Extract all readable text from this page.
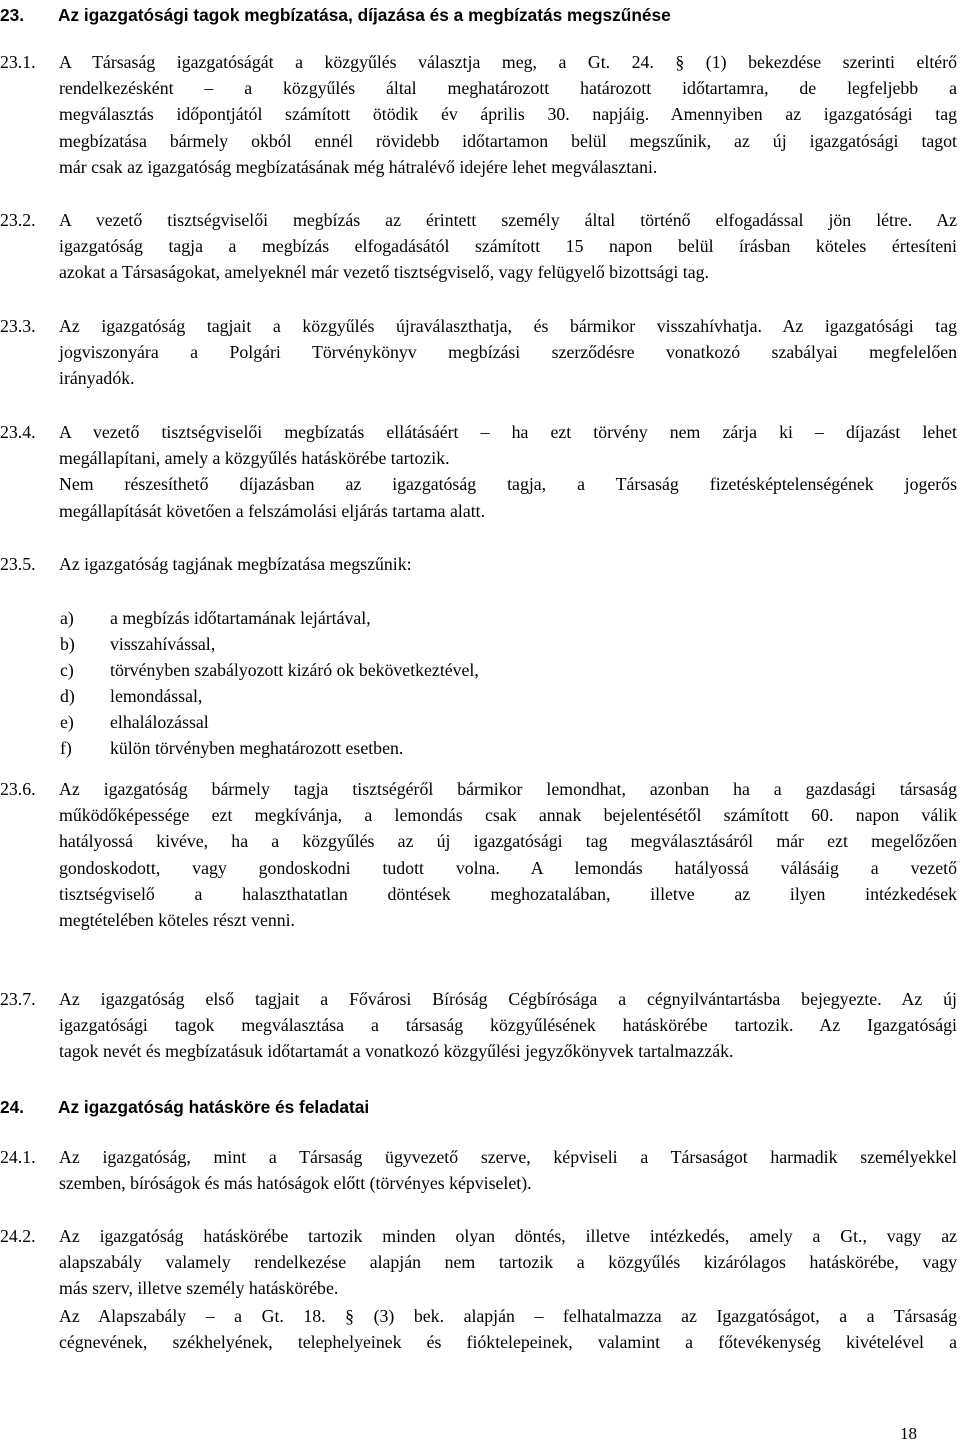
23. Az igazgatósági tagok megbízatása, díjazása és a megbízatás megszűnése
23.1. A Társaság igazgatóságát a közgyűlés választja meg, a Gt. 24. § (1) bekezdése szerinti eltérő
rendelkezésként – a közgyűlés által meghatározott határozott időtartamra, de legfeljebb a
megválasztás időpontjától számított ötödik év április 30. napjáig. Amennyiben az igazgatósági tag
megbízatása bármely okból ennél rövidebb időtartamon belül megszűnik, az új igazgatósági tagot
már csak az igazgatóság megbízatásának még hátralévő idejére lehet megválasztani.
23.2. A vezető tisztségviselői megbízás az érintett személy által történő elfogadással jön létre. Az
igazgatóság tagja a megbízás elfogadásától számított 15 napon belül írásban köteles értesíteni
azokat a Társaságokat, amelyeknél már vezető tisztségviselő, vagy felügyelő bizottsági tag.
23.3. Az igazgatóság tagjait a közgyűlés újraválaszthatja, és bármikor visszahívhatja. Az igazgatósági tag
jogviszonyára a Polgári Törvénykönyv megbízási szerződésre vonatkozó szabályai megfelelően
irányadók.
23.4. A vezető tisztségviselői megbízatás ellátásáért – ha ezt törvény nem zárja ki – díjazást lehet
megállapítani, amely a közgyűlés hatáskörébe tartozik.
Nem részesíthető díjazásban az igazgatóság tagja, a Társaság fizetésképtelenségének jogerős
megállapítását követően a felszámolási eljárás tartama alatt.
23.5. Az igazgatóság tagjának megbízatása megszűnik:
a) a megbízás időtartamának lejártával,
b) visszahívással,
c) törvényben szabályozott kizáró ok bekövetkeztével,
d) lemondással,
e) elhalálozással
f) külön törvényben meghatározott esetben.
23.6. Az igazgatóság bármely tagja tisztségéről bármikor lemondhat, azonban ha a gazdasági társaság
működőképessége ezt megkívánja, a lemondás csak annak bejelentésétől számított 60. napon válik
hatályossá kivéve, ha a közgyűlés az új igazgatósági tag megválasztásáról már ezt megelőzően
gondoskodott, vagy gondoskodni tudott volna. A lemondás hatályossá válásáig a vezető
tisztségviselő a halaszthatatlan döntések meghozatalában, illetve az ilyen intézkedések
megtételében köteles részt venni.
23.7. Az igazgatóság első tagjait a Fővárosi Bíróság Cégbírósága a cégnyilvántartásba bejegyezte. Az új
igazgatósági tagok megválasztása a társaság közgyűlésének hatáskörébe tartozik. Az Igazgatósági
tagok nevét és megbízatásuk időtartamát a vonatkozó közgyűlési jegyzőkönyvek tartalmazzák.
24. Az igazgatóság hatásköre és feladatai
24.1. Az igazgatóság, mint a Társaság ügyvezető szerve, képviseli a Társaságot harmadik személyekkel
szemben, bíróságok és más hatóságok előtt (törvényes képviselet).
24.2. Az igazgatóság hatáskörébe tartozik minden olyan döntés, illetve intézkedés, amely a Gt., vagy az
alapszabály valamely rendelkezése alapján nem tartozik a közgyűlés kizárólagos hatáskörébe, vagy
más szerv, illetve személy hatáskörébe.
Az Alapszabály – a Gt. 18. § (3) bek. alapján – felhatalmazza az Igazgatóságot, a a Társaság
cégnevének, székhelyének, telephelyeinek és fióktelepeinek, valamint a főtevékenység kivételével a
18
